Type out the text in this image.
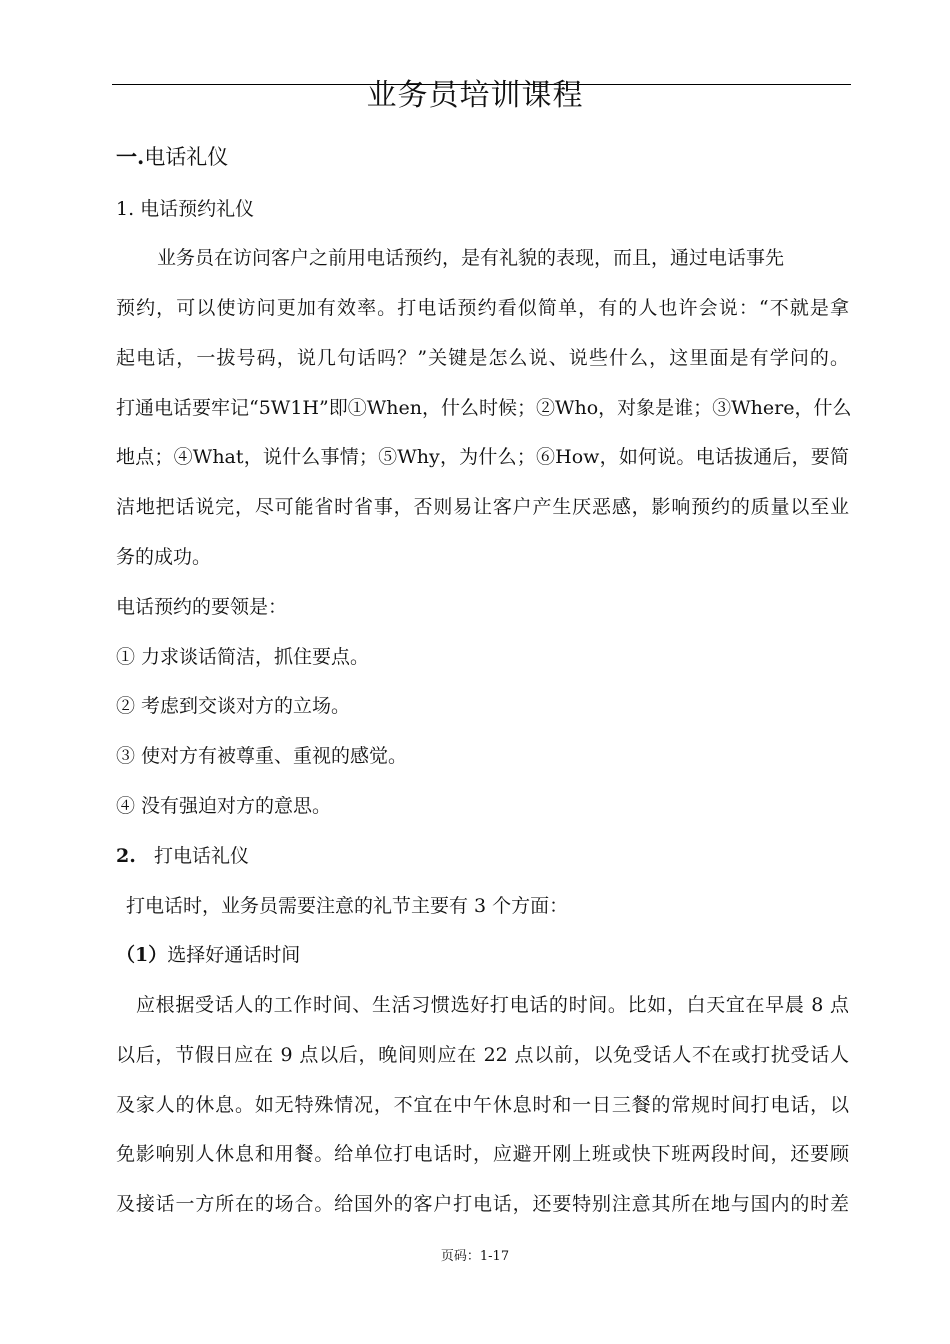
业务员培训课程
一.电话礼仪
1. 电话预约礼仪
业务员在访问客户之前用电话预约，是有礼貌的表现，而且，通过电话事先
预约，可以使访问更加有效率。打电话预约看似简单，有的人也许会说：“不就是拿
起电话，一拔号码，说几句话吗？”关键是怎么说、说些什么，这里面是有学问的。
打通电话要牢记“5W1H”即①When，什么时候；②Who，对象是谁；③Where，什么
地点；④What，说什么事情；⑤Why，为什么；⑥How，如何说。电话拔通后，要简
洁地把话说完，尽可能省时省事，否则易让客户产生厌恶感，影响预约的质量以至业
务的成功。
电话预约的要领是：
① 力求谈话简洁，抓住要点。
② 考虑到交谈对方的立场。
③ 使对方有被尊重、重视的感觉。
④ 没有强迫对方的意思。
2. 打电话礼仪
打电话时，业务员需要注意的礼节主要有 3 个方面：
（1）选择好通话时间
应根据受话人的工作时间、生活习惯选好打电话的时间。比如，白天宜在早晨 8 点
以后，节假日应在 9 点以后，晚间则应在 22 点以前，以免受话人不在或打扰受话人
及家人的休息。如无特殊情况，不宜在中午休息时和一日三餐的常规时间打电话，以
免影响别人休息和用餐。给单位打电话时，应避开刚上班或快下班两段时间，还要顾
及接话一方所在的场合。给国外的客户打电话，还要特别注意其所在地与国内的时差
页码：1-17
